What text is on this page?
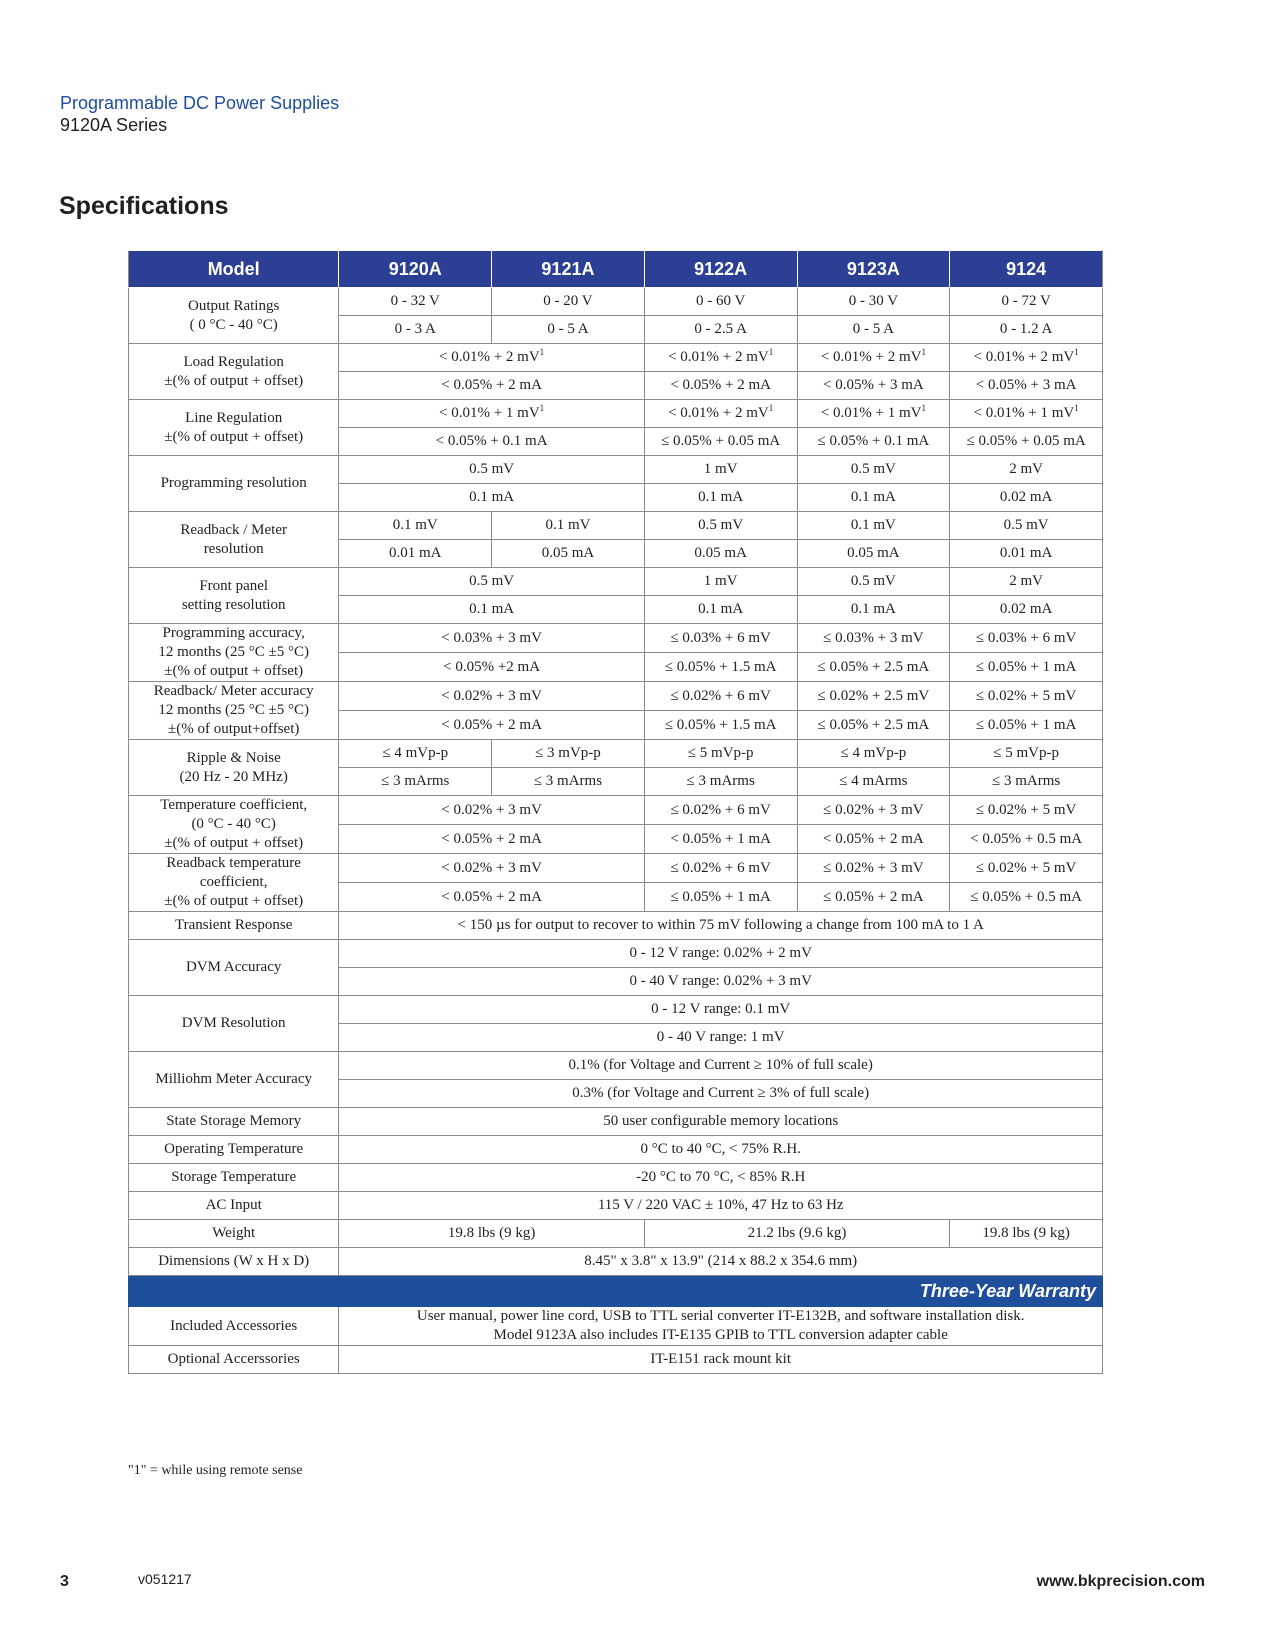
Programmable DC Power Supplies
9120A Series
Specifications
Model	9120A	9121A	9122A	9123A	9124
Output Ratings
( 0 °C - 40 °C)	0 - 32 V	0 - 20 V	0 - 60 V	0 - 30 V	0 - 72 V
	0 - 3 A	0 - 5 A	0 - 2.5 A	0 - 5 A	0 - 1.2 A
Load Regulation
±(% of output + offset)	< 0.01% + 2 $mV^1$		< 0.01% + 2 $mV^1$	< 0.01% + 2 $mV^1$	< 0.01% + 2 $mV^1$
	< 0.05% + 2 mA		< 0.05% + 2 mA	< 0.05% + 3 mA	< 0.05% + 3 mA
Line Regulation
±(% of output + offset)	< 0.01% + 1 $mV^1$		< 0.01% + 2 $mV^1$	< 0.01% + 1 $mV^1$	< 0.01% + 1 $mV^1$
	< 0.05% + 0.1 mA		≤ 0.05% + 0.05 mA	≤ 0.05% + 0.1 mA	≤ 0.05% + 0.05 mA
Programming resolution	0.5 mV		1 mV	0.5 mV	2 mV
	0.1 mA		0.1 mA	0.1 mA	0.02 mA
Readback / Meter
resolution	0.1 mV	0.1 mV	0.5 mV	0.1 mV	0.5 mV
	0.01 mA	0.05 mA	0.05 mA	0.05 mA	0.01 mA
Front panel
setting resolution	0.5 mV		1 mV	0.5 mV	2 mV
	0.1 mA		0.1 mA	0.1 mA	0.02 mA
Programming accuracy,
12 months (25 °C ±5 °C)
±(% of output + offset)	< 0.03% + 3 mV		≤ 0.03% + 6 mV	≤ 0.03% + 3 mV	≤ 0.03% + 6 mV
	< 0.05% +2 mA		≤ 0.05% + 1.5 mA	≤ 0.05% + 2.5 mA	≤ 0.05% + 1 mA
Readback/ Meter accuracy
12 months (25 °C ±5 °C)
±(% of output+offset)	< 0.02% + 3 mV		≤ 0.02% + 6 mV	≤ 0.02% + 2.5 mV	≤ 0.02% + 5 mV
	< 0.05% + 2 mA		≤ 0.05% + 1.5 mA	≤ 0.05% + 2.5 mA	≤ 0.05% + 1 mA
Ripple & Noise
(20 Hz - 20 MHz)	≤ 4 mVp-p	≤ 3 mVp-p	≤ 5 mVp-p	≤ 4 mVp-p	≤ 5 mVp-p
	≤ 3 mArms	≤ 3 mArms	≤ 3 mArms	≤ 4 mArms	≤ 3 mArms
Temperature coefficient,
(0 °C - 40 °C)
±(% of output + offset)	< 0.02% + 3 mV		≤ 0.02% + 6 mV	≤ 0.02% + 3 mV	≤ 0.02% + 5 mV
	< 0.05% + 2 mA		< 0.05% + 1 mA	< 0.05% + 2 mA	< 0.05% + 0.5 mA
Readback temperature
coefficient,
±(% of output + offset)	< 0.02% + 3 mV		≤ 0.02% + 6 mV	≤ 0.02% + 3 mV	≤ 0.02% + 5 mV
	< 0.05% + 2 mA		≤ 0.05% + 1 mA	≤ 0.05% + 2 mA	≤ 0.05% + 0.5 mA
Transient Response	< 150 µs for output to recover to within 75 mV following a change from 100 mA to 1 A				
DVM Accuracy	0 - 12 V range: 0.02% + 2 mV				
	0 - 40 V range: 0.02% + 3 mV				
DVM Resolution	0 - 12 V range: 0.1 mV				
	0 - 40 V range: 1 mV				
Milliohm Meter Accuracy	0.1% (for Voltage and Current ≥ 10% of full scale)				
	0.3% (for Voltage and Current ≥ 3% of full scale)				
State Storage Memory	50 user configurable memory locations				
Operating Temperature	0 °C to 40 °C, < 75% R.H.				
Storage Temperature	-20 °C to 70 °C, < 85% R.H				
AC Input	115 V / 220 VAC ± 10%, 47 Hz to 63 Hz				
Weight	19.8 lbs (9 kg)		21.2 lbs (9.6 kg)		19.8 lbs (9 kg)
Dimensions (W x H x D)	8.45" x 3.8" x 13.9" (214 x 88.2 x 354.6 mm)				
Three-Year Warranty					
Included Accessories	User manual, power line cord, USB to TTL serial converter IT-E132B, and software installation disk.
Model 9123A also includes IT-E135 GPIB to TTL conversion adapter cable				
Optional Accerssories	IT-E151 rack mount kit				
"1" = while using remote sense
3	v051217	www.bkprecision.com
